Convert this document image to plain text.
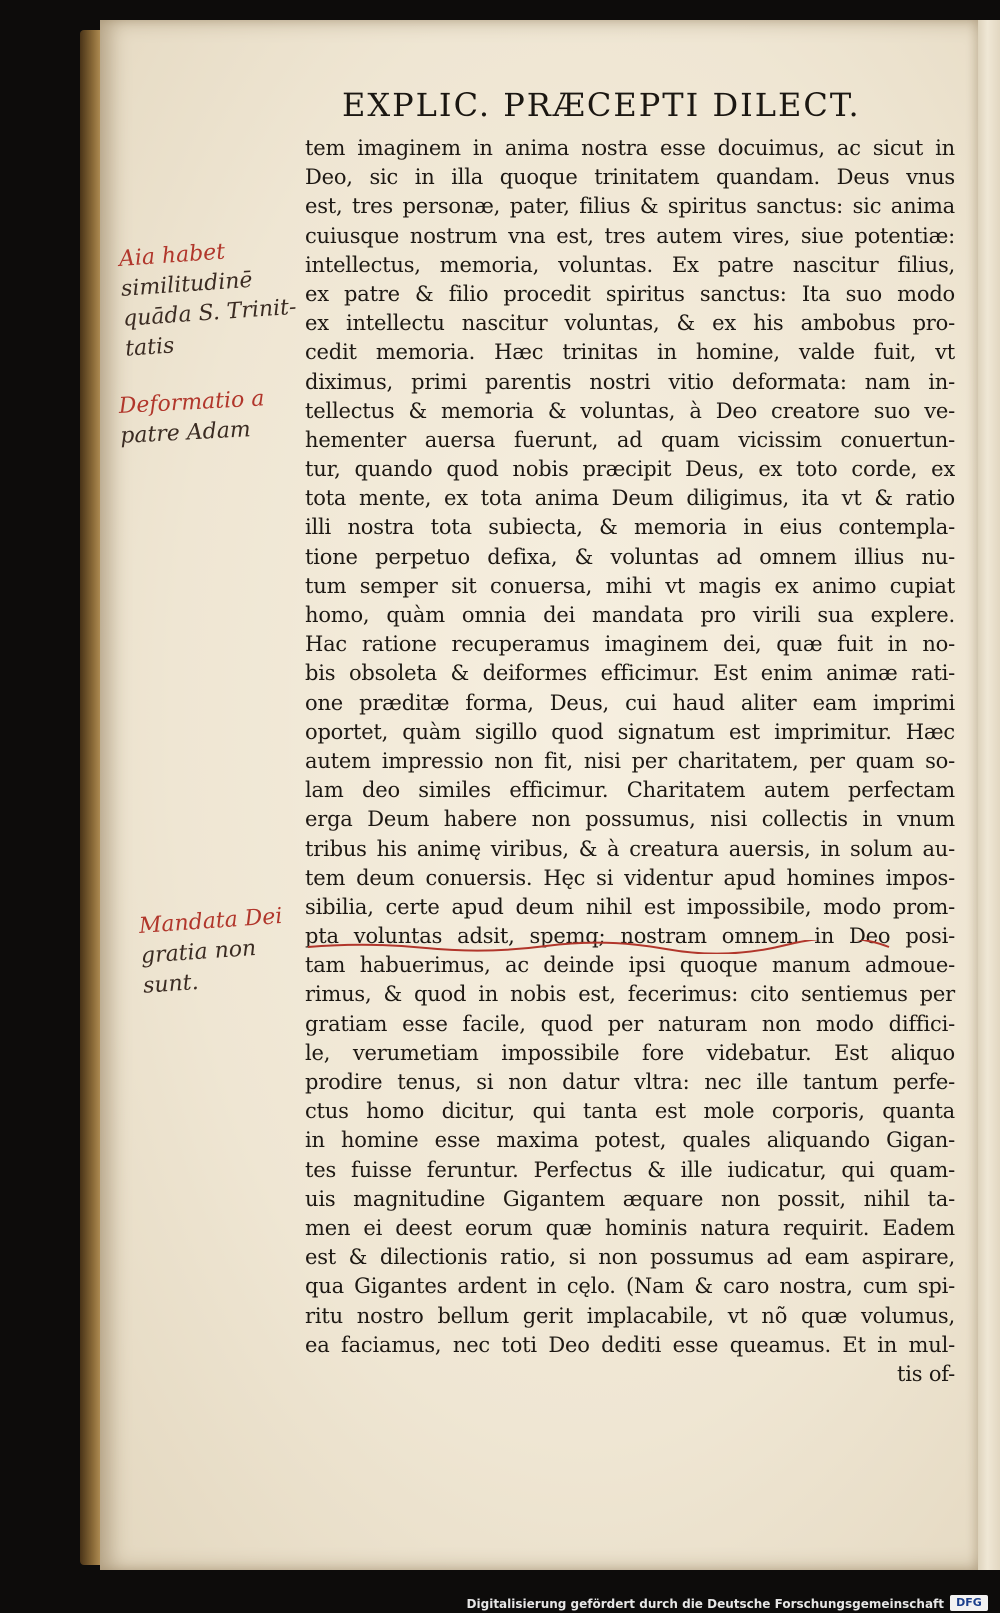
EXPLIC. PRÆCEPTI DILECT.
tem imaginem in anima nostra esse docuimus, ac sicut in
Deo, sic in illa quoque trinitatem quandam. Deus vnus
est, tres personæ, pater, filius & spiritus sanctus: sic anima
cuiusque nostrum vna est, tres autem vires, siue potentiæ:
intellectus, memoria, voluntas. Ex patre nascitur filius,
ex patre & filio procedit spiritus sanctus: Ita suo modo
ex intellectu nascitur voluntas, & ex his ambobus pro-
cedit memoria. Hæc trinitas in homine, valde fuit, vt
diximus, primi parentis nostri vitio deformata: nam in-
tellectus & memoria & voluntas, à Deo creatore suo ve-
hementer auersa fuerunt, ad quam vicissim conuertun-
tur, quando quod nobis præcipit Deus, ex toto corde, ex
tota mente, ex tota anima Deum diligimus, ita vt & ratio
illi nostra tota subiecta, & memoria in eius contempla-
tione perpetuo defixa, & voluntas ad omnem illius nu-
tum semper sit conuersa, mihi vt magis ex animo cupiat
homo, quàm omnia dei mandata pro virili sua explere.
Hac ratione recuperamus imaginem dei, quæ fuit in no-
bis obsoleta & deiformes efficimur. Est enim animæ rati-
one præditæ forma, Deus, cui haud aliter eam imprimi
oportet, quàm sigillo quod signatum est imprimitur. Hæc
autem impressio non fit, nisi per charitatem, per quam so-
lam deo similes efficimur. Charitatem autem perfectam
erga Deum habere non possumus, nisi collectis in vnum
tribus his animę viribus, & à creatura auersis, in solum au-
tem deum conuersis. Hęc si videntur apud homines impos-
sibilia, certe apud deum nihil est impossibile, modo prom-
pta voluntas adsit, spemq; nostram omnem in Deo posi-
tam habuerimus, ac deinde ipsi quoque manum admoue-
rimus, & quod in nobis est, fecerimus: cito sentiemus per
gratiam esse facile, quod per naturam non modo diffici-
le, verumetiam impossibile fore videbatur. Est aliquo
prodire tenus, si non datur vltra: nec ille tantum perfe-
ctus homo dicitur, qui tanta est mole corporis, quanta
in homine esse maxima potest, quales aliquando Gigan-
tes fuisse feruntur. Perfectus & ille iudicatur, qui quam-
uis magnitudine Gigantem æquare non possit, nihil ta-
men ei deest eorum quæ hominis natura requirit. Eadem
est & dilectionis ratio, si non possumus ad eam aspirare,
qua Gigantes ardent in cęlo. (Nam & caro nostra, cum spi-
ritu nostro bellum gerit implacabile, vt nõ quæ volumus,
ea faciamus, nec toti Deo dediti esse queamus. Et in mul-
tis of-
Aia habet
similitudinē
quāda S. Trinit-
tatis
Deformatio a
patre Adam
Mandata Dei
gratia non
sunt.
Digitalisierung gefördert durch die Deutsche Forschungsgemeinschaft	DFG
